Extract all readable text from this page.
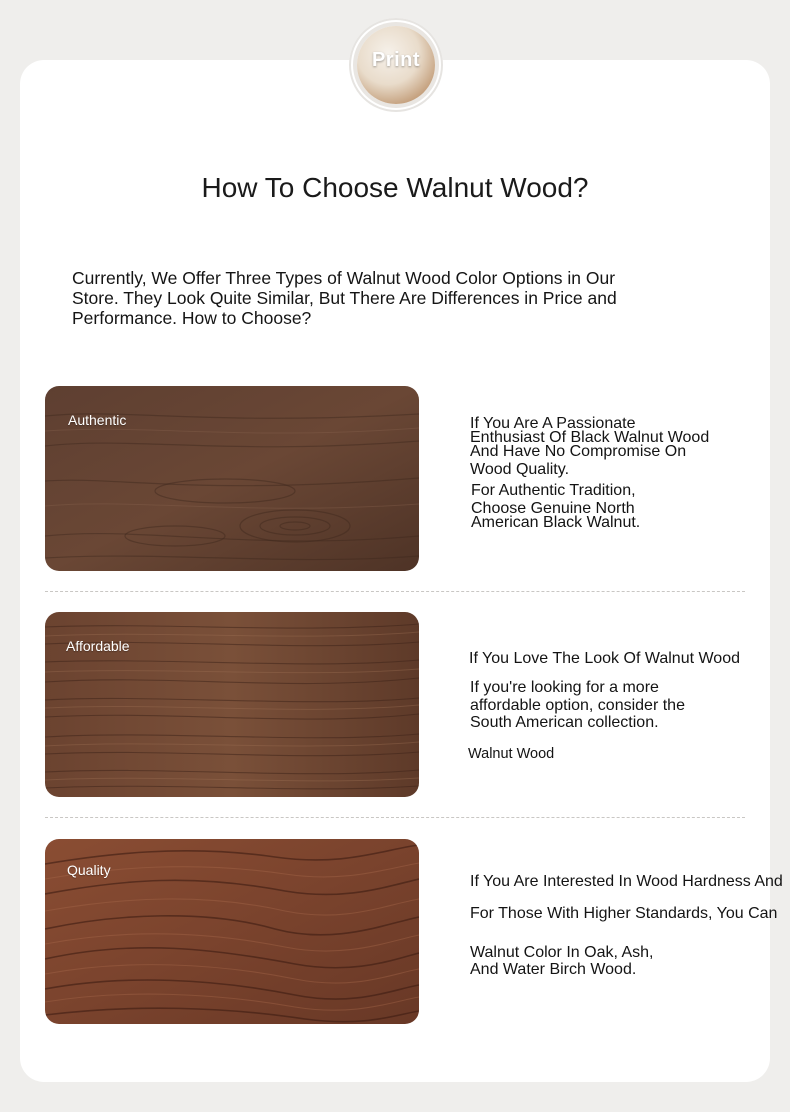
Print
How To Choose Walnut Wood?
Currently, We Offer Three Types of Walnut Wood Color Options in Our
Store. They Look Quite Similar, But There Are Differences in Price and
Performance. How to Choose?
Authentic	If You Are A Passionate
Enthusiast Of Black Walnut Wood
And Have No Compromise On
Wood Quality.
For Authentic Tradition,
Choose Genuine North
American Black Walnut.
Affordable
If You Love The Look Of Walnut Wood
If you're looking for a more
affordable option, consider the
South American collection.
Walnut Wood
Quality
If You Are Interested In Wood Hardness And
For Those With Higher Standards, You Can
Walnut Color In Oak, Ash,
And Water Birch Wood.
